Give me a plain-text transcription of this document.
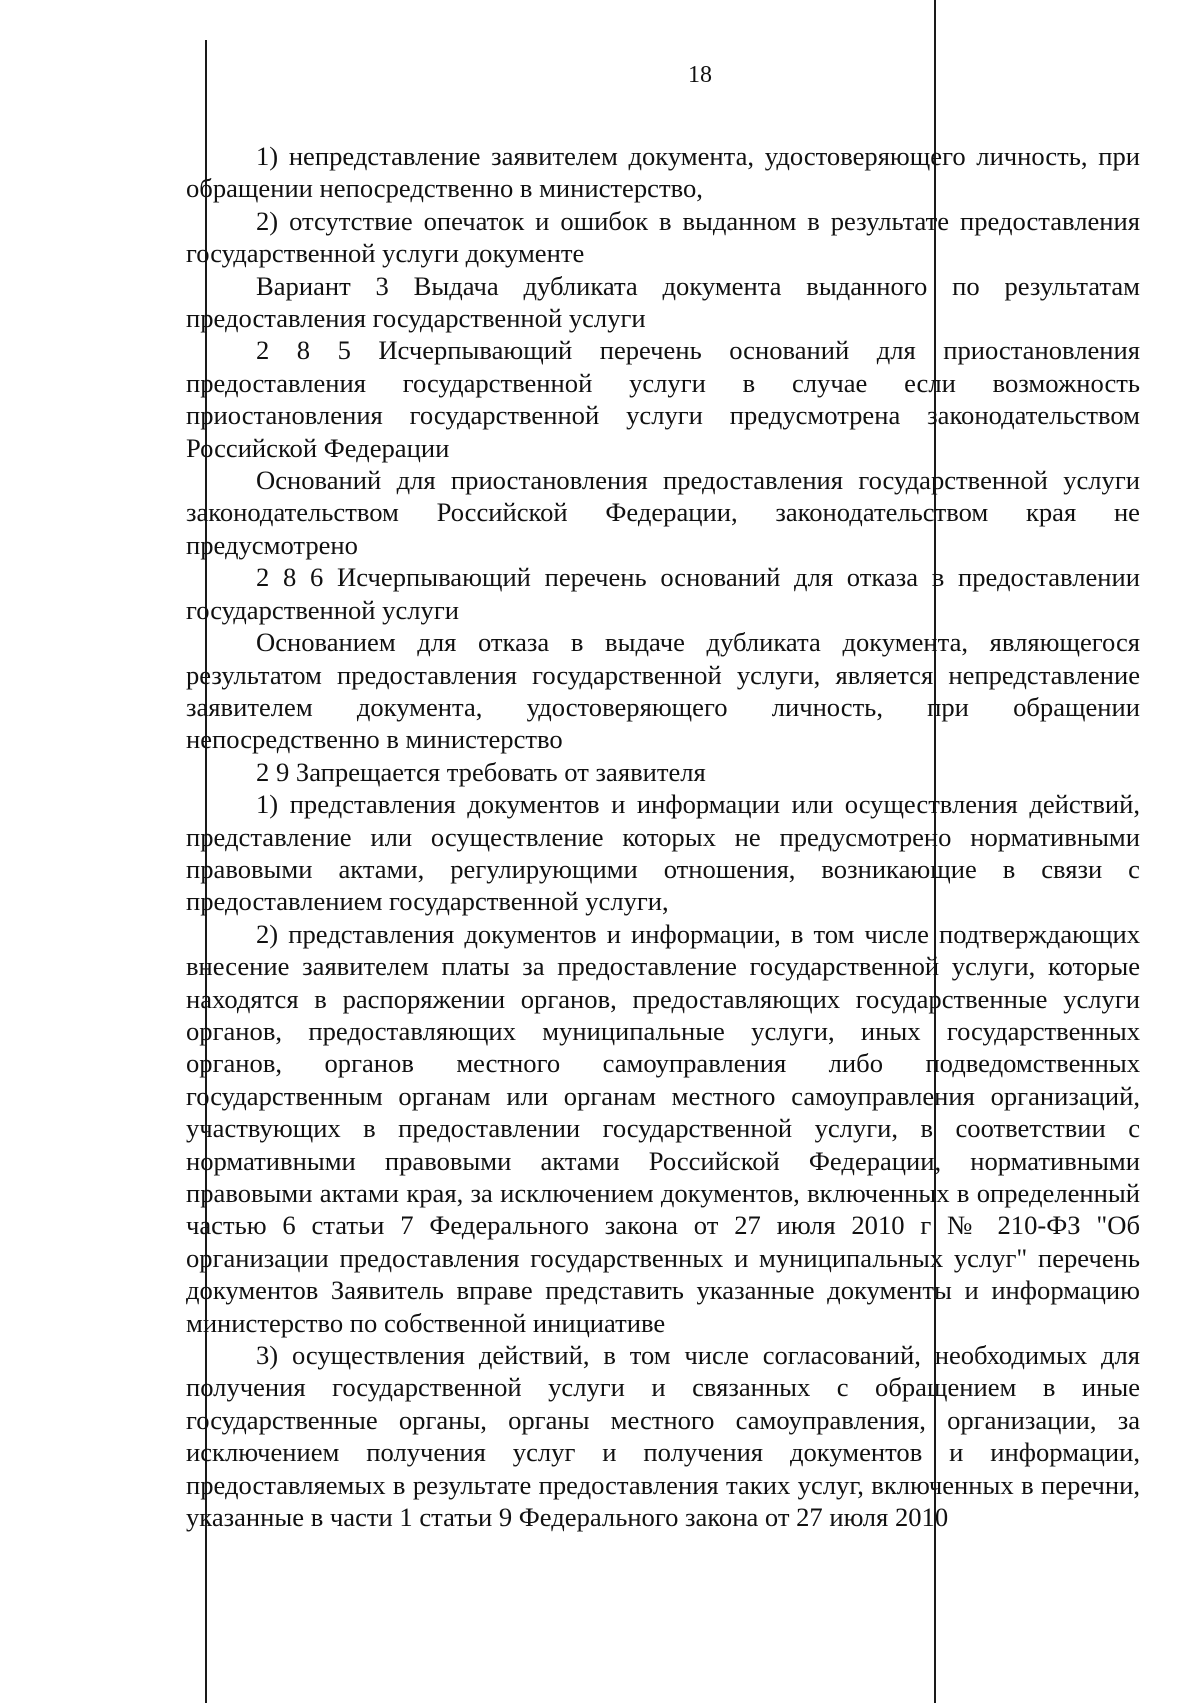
18

1) непредставление заявителем документа, удостоверяющего личность, при обращении непосредственно в министерство,

2) отсутствие опечаток и ошибок в выданном в результате предоставления государственной услуги документе

Вариант 3 Выдача дубликата документа выданного по результатам предоставления государственной услуги

2 8 5 Исчерпывающий перечень оснований для приостановления предоставления государственной услуги в случае если возможность приостановления государственной услуги предусмотрена законодательством Российской Федерации

Оснований для приостановления предоставления государственной услуги законодательством Российской Федерации, законодательством края не предусмотрено

2 8 6 Исчерпывающий перечень оснований для отказа в предоставлении государственной услуги

Основанием для отказа в выдаче дубликата документа, являющегося результатом предоставления государственной услуги, является непредставление заявителем документа, удостоверяющего личность, при обращении непосредственно в министерство

2 9 Запрещается требовать от заявителя

1) представления документов и информации или осуществления действий, представление или осуществление которых не предусмотрено нормативными правовыми актами, регулирующими отношения, возникающие в связи с предоставлением государственной услуги,

2) представления документов и информации, в том числе подтверждающих внесение заявителем платы за предоставление государственной услуги, которые находятся в распоряжении органов, предоставляющих государственные услуги органов, предоставляющих муниципальные услуги, иных государственных органов, органов местного самоуправления либо подведомственных государственным органам или органам местного самоуправления организаций, участвующих в предоставлении государственной услуги, в соответствии с нормативными правовыми актами Российской Федерации, нормативными правовыми актами края, за исключением документов, включенных в определенный частью 6 статьи 7 Федерального закона от 27 июля 2010 г № 210-ФЗ "Об организации предоставления государственных и муниципальных услуг" перечень документов Заявитель вправе представить указанные документы и информацию министерство по собственной инициативе

3) осуществления действий, в том числе согласований, необходимых для получения государственной услуги и связанных с обращением в иные государственные органы, органы местного самоуправления, организации, за исключением получения услуг и получения документов и информации, предоставляемых в результате предоставления таких услуг, включенных в перечни, указанные в части 1 статьи 9 Федерального закона от 27 июля 2010
